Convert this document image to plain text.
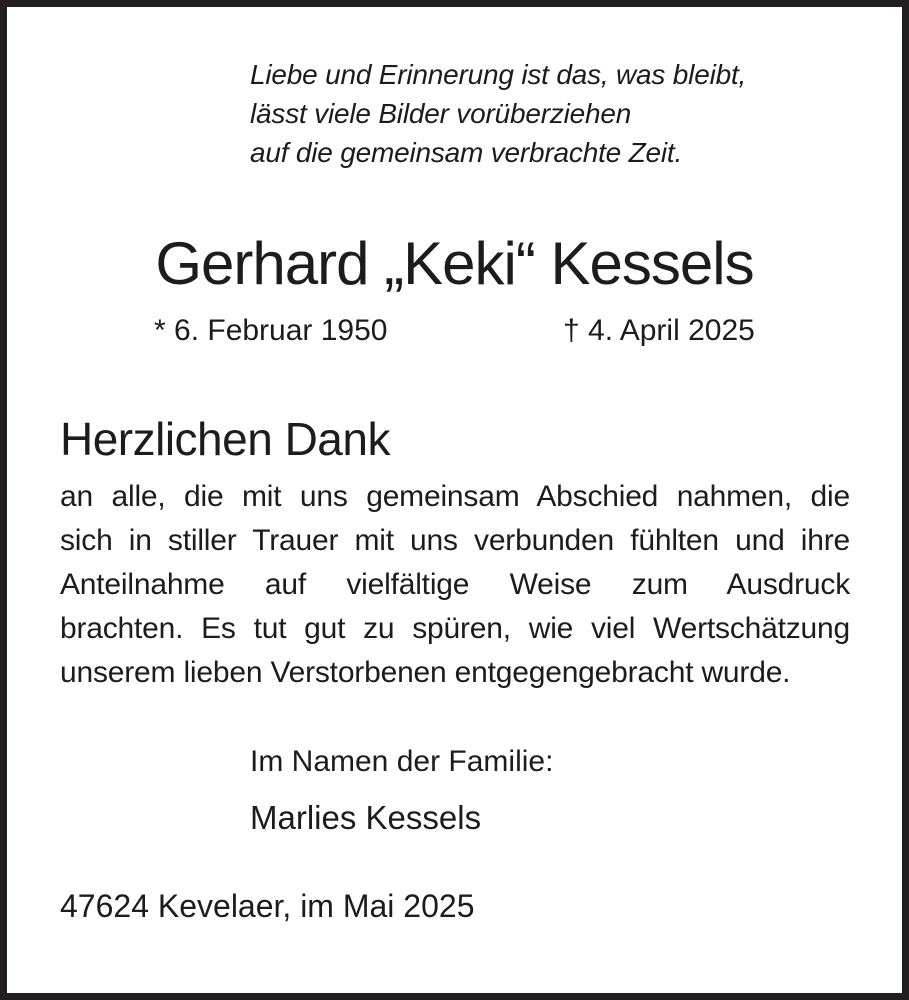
Liebe und Erinnerung ist das, was bleibt,
lässt viele Bilder vorüberziehen
auf die gemeinsam verbrachte Zeit.
Gerhard „Keki“ Kessels
* 6. Februar 1950	† 4. April 2025
Herzlichen Dank
an alle, die mit uns gemeinsam Abschied nahmen, die
sich in stiller Trauer mit uns verbunden fühlten und ihre
Anteilnahme auf vielfältige Weise zum Ausdruck
brachten. Es tut gut zu spüren, wie viel Wertschätzung
unserem lieben Verstorbenen entgegengebracht wurde.
Im Namen der Familie:
Marlies Kessels
47624 Kevelaer, im Mai 2025
